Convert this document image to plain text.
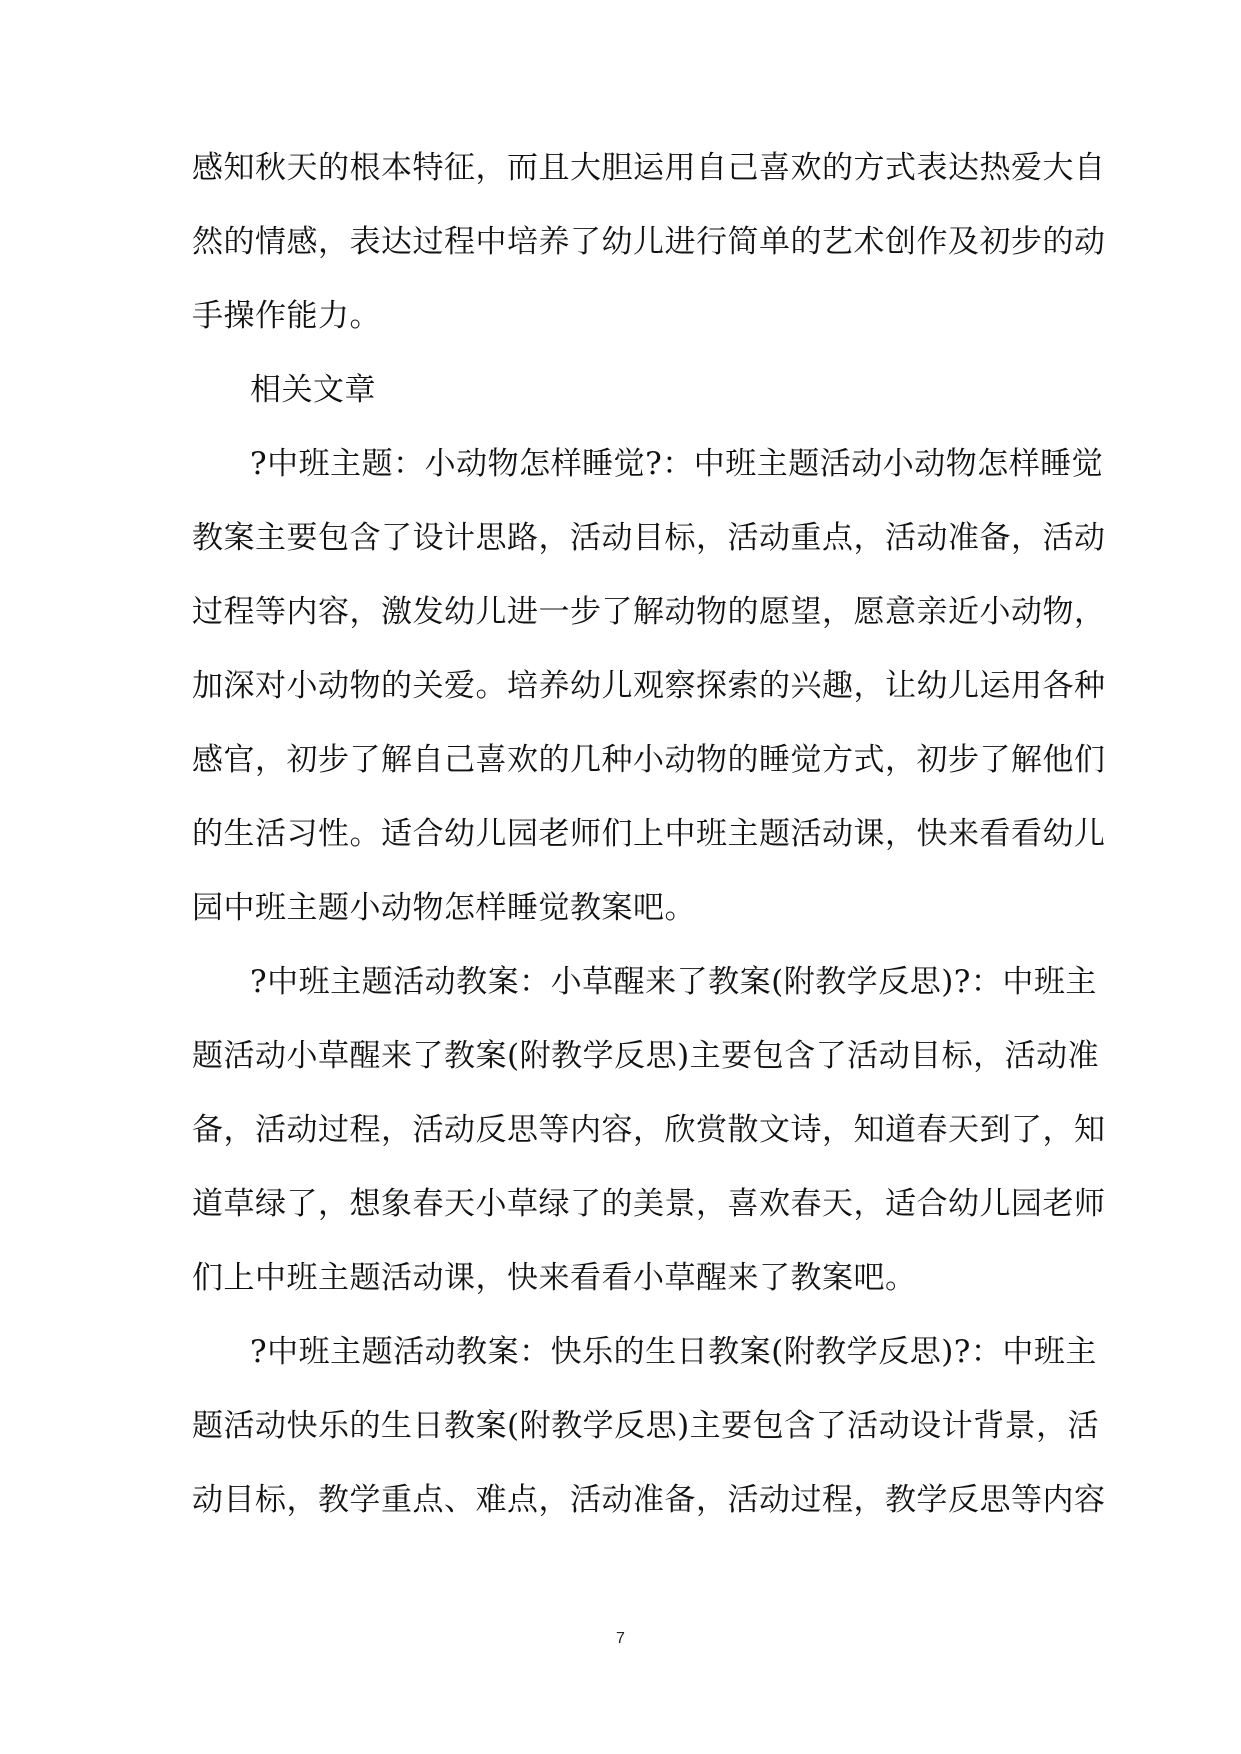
感知秋天的根本特征，而且大胆运用自己喜欢的方式表达热爱大自
然的情感，表达过程中培养了幼儿进行简单的艺术创作及初步的动
手操作能力。
相关文章
?中班主题：小动物怎样睡觉?：中班主题活动小动物怎样睡觉
教案主要包含了设计思路，活动目标，活动重点，活动准备，活动
过程等内容，激发幼儿进一步了解动物的愿望，愿意亲近小动物，
加深对小动物的关爱。培养幼儿观察探索的兴趣，让幼儿运用各种
感官，初步了解自己喜欢的几种小动物的睡觉方式，初步了解他们
的生活习性。适合幼儿园老师们上中班主题活动课，快来看看幼儿
园中班主题小动物怎样睡觉教案吧。
?中班主题活动教案：小草醒来了教案(附教学反思)?：中班主
题活动小草醒来了教案(附教学反思)主要包含了活动目标，活动准
备，活动过程，活动反思等内容，欣赏散文诗，知道春天到了，知
道草绿了，想象春天小草绿了的美景，喜欢春天，适合幼儿园老师
们上中班主题活动课，快来看看小草醒来了教案吧。
?中班主题活动教案：快乐的生日教案(附教学反思)?：中班主
题活动快乐的生日教案(附教学反思)主要包含了活动设计背景，活
动目标，教学重点、难点，活动准备，活动过程，教学反思等内容
7
